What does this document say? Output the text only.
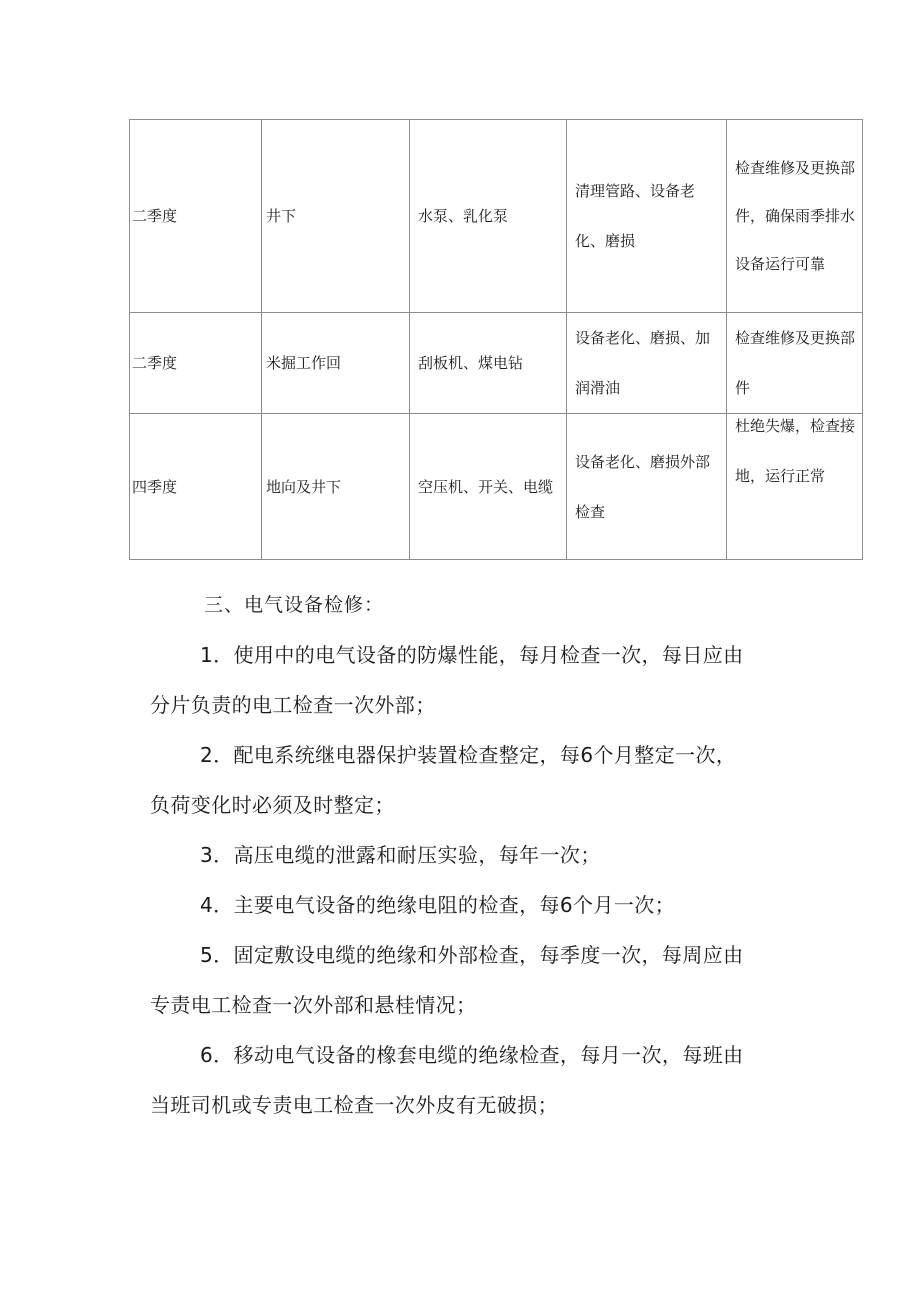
二季度	井下	水泵、乳化泵	清理管路、设备老化、磨损	检查维修及更换部件，确保雨季排水设备运行可靠

二季度	米掘工作回	刮板机、煤电钻	设备老化、磨损、加润滑油	检查维修及更换部件

四季度	地向及井下	空压机、开关、电缆	设备老化、磨损外部检查	杜绝失爆，检查接地，运行正常
三、电气设备检修：
1．使用中的电气设备的防爆性能，每月检查一次，每日应由分片负责的电工检查一次外部；
2．配电系统继电器保护装置检查整定，每6个月整定一次，负荷变化时必须及时整定；
3．高压电缆的泄露和耐压实验，每年一次；
4．主要电气设备的绝缘电阻的检查，每6个月一次；
5．固定敷设电缆的绝缘和外部检查，每季度一次，每周应由专责电工检查一次外部和悬桂情况；
6．移动电气设备的橡套电缆的绝缘检查，每月一次，每班由当班司机或专责电工检查一次外皮有无破损；
